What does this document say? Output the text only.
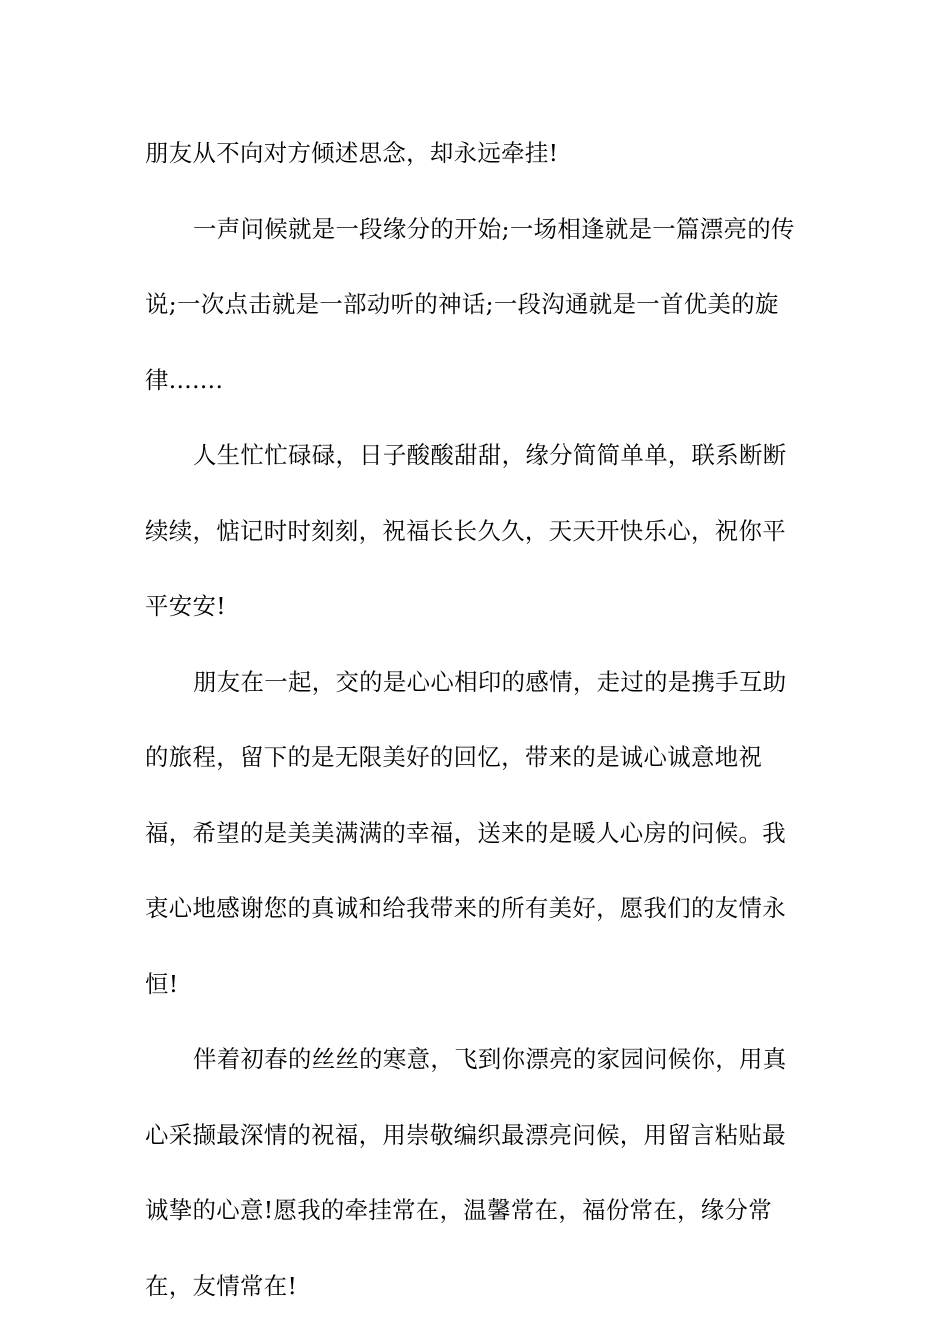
朋友从不向对方倾述思念，却永远牵挂!

一声问候就是一段缘分的开始;一场相逢就是一篇漂亮的传说;一次点击就是一部动听的神话;一段沟通就是一首优美的旋律.......

人生忙忙碌碌，日子酸酸甜甜，缘分简简单单，联系断断续续，惦记时时刻刻，祝福长长久久，天天开快乐心，祝你平平安安!

朋友在一起，交的是心心相印的感情，走过的是携手互助的旅程，留下的是无限美好的回忆，带来的是诚心诚意地祝福，希望的是美美满满的幸福，送来的是暖人心房的问候。我衷心地感谢您的真诚和给我带来的所有美好，愿我们的友情永恒!

伴着初春的丝丝的寒意，飞到你漂亮的家园问候你，用真心采撷最深情的祝福，用崇敬编织最漂亮问候，用留言粘贴最诚挚的心意!愿我的牵挂常在，温馨常在，福份常在，缘分常在，友情常在!
